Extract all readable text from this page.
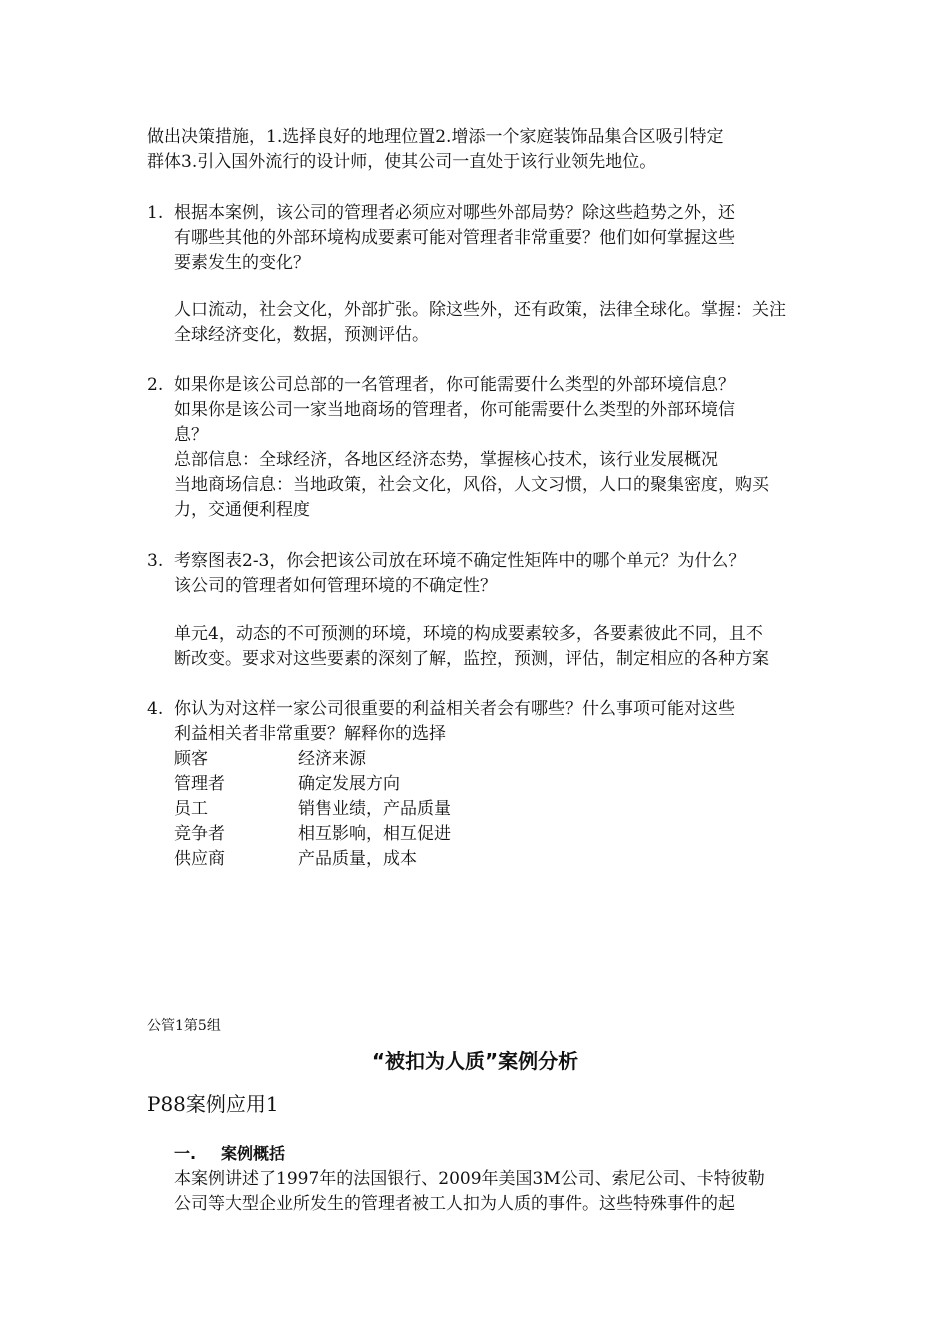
做出决策措施，1.选择良好的地理位置2.增添一个家庭装饰品集合区吸引特定
群体3.引入国外流行的设计师，使其公司一直处于该行业领先地位。
1. 根据本案例，该公司的管理者必须应对哪些外部局势？除这些趋势之外，还
有哪些其他的外部环境构成要素可能对管理者非常重要？他们如何掌握这些
要素发生的变化？
人口流动，社会文化，外部扩张。除这些外，还有政策，法律全球化。掌握：关注
全球经济变化，数据，预测评估。
2. 如果你是该公司总部的一名管理者，你可能需要什么类型的外部环境信息？
如果你是该公司一家当地商场的管理者，你可能需要什么类型的外部环境信
息？
总部信息：全球经济，各地区经济态势，掌握核心技术，该行业发展概况
当地商场信息：当地政策，社会文化，风俗，人文习惯，人口的聚集密度，购买
力，交通便利程度
3. 考察图表2-3，你会把该公司放在环境不确定性矩阵中的哪个单元？为什么？
该公司的管理者如何管理环境的不确定性？
单元4，动态的不可预测的环境，环境的构成要素较多，各要素彼此不同，且不
断改变。要求对这些要素的深刻了解，监控，预测，评估，制定相应的各种方案
4. 你认为对这样一家公司很重要的利益相关者会有哪些？什么事项可能对这些
利益相关者非常重要？解释你的选择
顾客	经济来源
管理者	确定发展方向
员工	销售业绩，产品质量
竞争者	相互影响，相互促进
供应商	产品质量，成本
公管1第5组
“被扣为人质”案例分析
P88案例应用1
一. 案例概括
本案例讲述了1997年的法国银行、2009年美国3M公司、索尼公司、卡特彼勒
公司等大型企业所发生的管理者被工人扣为人质的事件。这些特殊事件的起
